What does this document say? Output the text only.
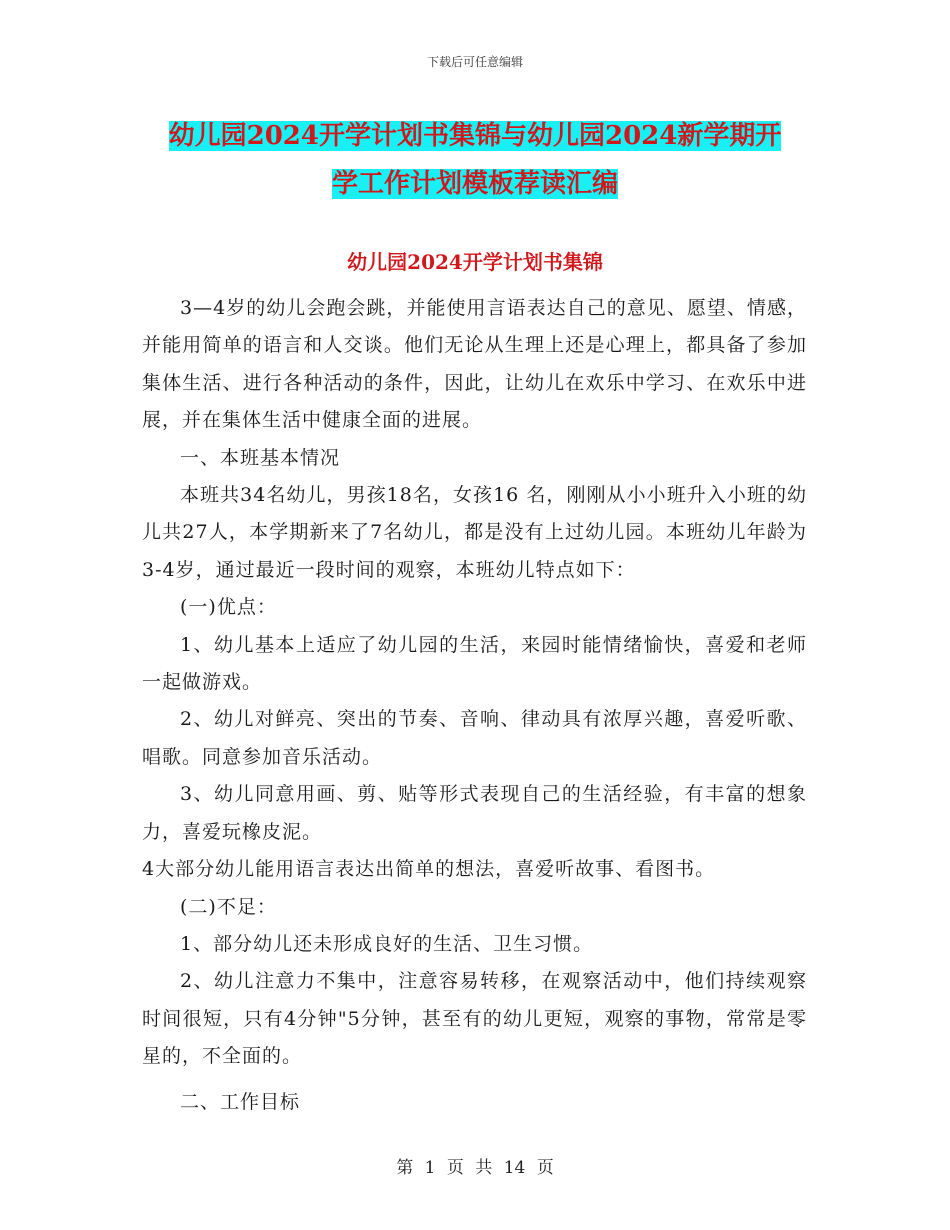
下载后可任意编辑
幼儿园2024开学计划书集锦与幼儿园2024新学期开
学工作计划模板荐读汇编
幼儿园2024开学计划书集锦

3—4岁的幼儿会跑会跳，并能使用言语表达自己的意见、愿望、情感，并能用简单的语言和人交谈。他们无论从生理上还是心理上，都具备了参加集体生活、进行各种活动的条件，因此，让幼儿在欢乐中学习、在欢乐中进展，并在集体生活中健康全面的进展。

一、本班基本情况

本班共34名幼儿，男孩18名，女孩16 名，刚刚从小小班升入小班的幼儿共27人，本学期新来了7名幼儿，都是没有上过幼儿园。本班幼儿年龄为3-4岁，通过最近一段时间的观察，本班幼儿特点如下：

(一)优点：

1、幼儿基本上适应了幼儿园的生活，来园时能情绪愉快，喜爱和老师一起做游戏。

2、幼儿对鲜亮、突出的节奏、音响、律动具有浓厚兴趣，喜爱听歌、唱歌。同意参加音乐活动。

3、幼儿同意用画、剪、贴等形式表现自己的生活经验，有丰富的想象力，喜爱玩橡皮泥。

4大部分幼儿能用语言表达出简单的想法，喜爱听故事、看图书。

(二)不足：

1、部分幼儿还未形成良好的生活、卫生习惯。

2、幼儿注意力不集中，注意容易转移，在观察活动中，他们持续观察时间很短，只有4分钟"5分钟，甚至有的幼儿更短，观察的事物，常常是零星的，不全面的。

二、工作目标

第 1 页 共 14 页
